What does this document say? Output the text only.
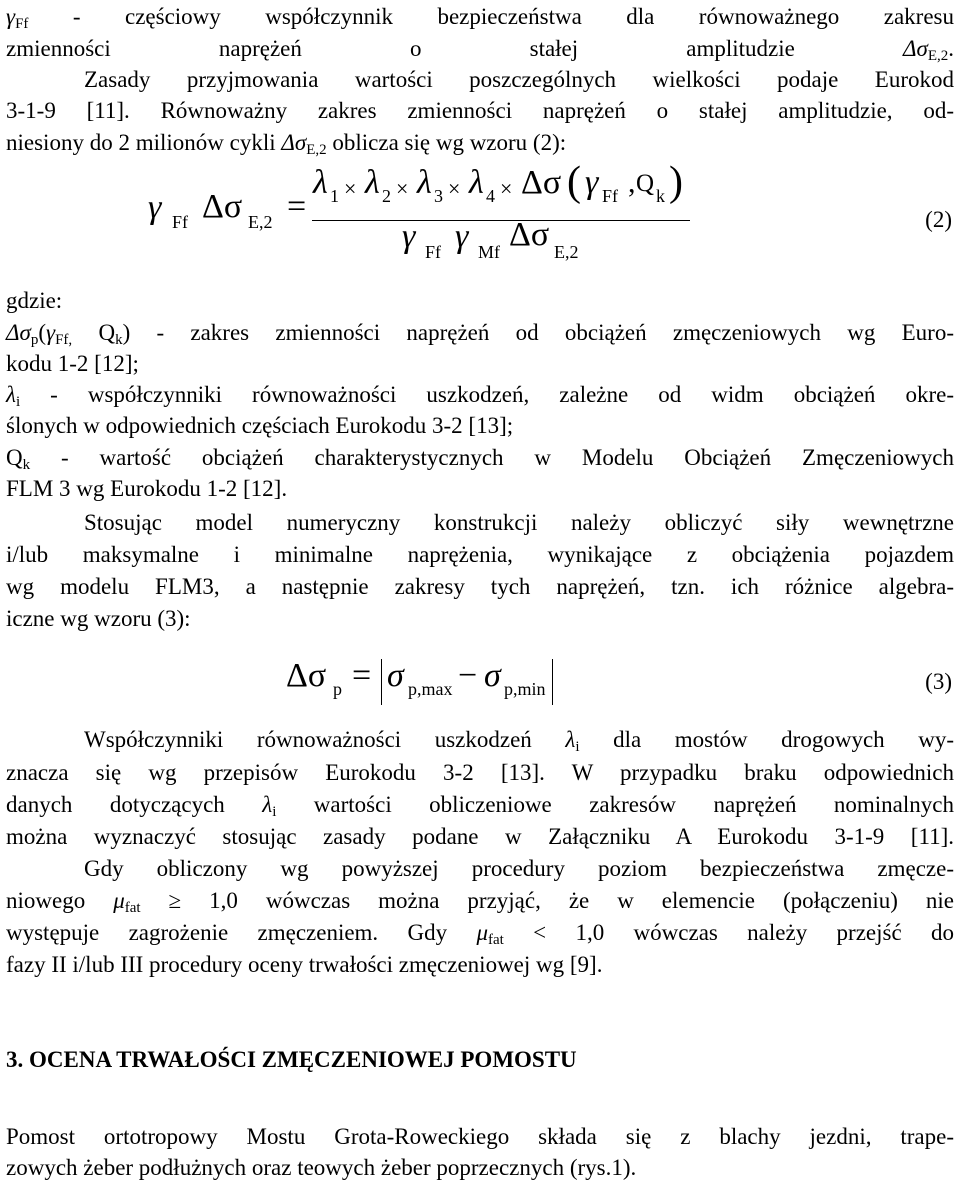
$\gamma_{Ff}$ - częściowy współczynnik bezpieczeństwa dla równoważnego zakresu
zmienności naprężeń o stałej amplitudzie $\Delta\sigma_{E,2}$.
Zasady przyjmowania wartości poszczególnych wielkości podaje Eurokod
3-1-9 [11]. Równoważny zakres zmienności naprężeń o stałej amplitudzie, od-
niesiony do 2 milionów cykli $\Delta\sigma_{E,2}$ oblicza się wg wzoru (2):
γ Ff Δσ E,2 =
λ 1 × λ 2 × λ 3 × λ 4 × Δσ ( γ Ff , Q k )
γ Ff γ Mf Δσ E,2
(2)
gdzie:
$\Delta\sigma_p(\gamma_{Ff,}$ $Q_k$) - zakres zmienności naprężeń od obciążeń zmęczeniowych wg Euro-
kodu 1-2 [12];
$\lambda_i$ - współczynniki równoważności uszkodzeń, zależne od widm obciążeń okre-
ślonych w odpowiednich częściach Eurokodu 3-2 [13];
$Q_k$ - wartość obciążeń charakterystycznych w Modelu Obciążeń Zmęczeniowych
FLM 3 wg Eurokodu 1-2 [12].
Stosując model numeryczny konstrukcji należy obliczyć siły wewnętrzne
i/lub maksymalne i minimalne naprężenia, wynikające z obciążenia pojazdem
wg modelu FLM3, a następnie zakresy tych naprężeń, tzn. ich różnice algebra-
iczne wg wzoru (3):
Δσ p = σ p,max − σ p,min	(3)
Współczynniki równoważności uszkodzeń $\lambda_i$ dla mostów drogowych wy-
znacza się wg przepisów Eurokodu 3-2 [13]. W przypadku braku odpowiednich
danych dotyczących $\lambda_i$ wartości obliczeniowe zakresów naprężeń nominalnych
można wyznaczyć stosując zasady podane w Załączniku A Eurokodu 3-1-9 [11].
Gdy obliczony wg powyższej procedury poziom bezpieczeństwa zmęcze-
niowego $\mu_{fat} \ge 1,0$ wówczas można przyjąć, że w elemencie (połączeniu) nie
występuje zagrożenie zmęczeniem. Gdy $\mu_{fat} < 1,0$ wówczas należy przejść do
fazy II i/lub III procedury oceny trwałości zmęczeniowej wg [9].
3. OCENA TRWAŁOŚCI ZMĘCZENIOWEJ POMOSTU
Pomost ortotropowy Mostu Grota-Roweckiego składa się z blachy jezdni, trape-
zowych żeber podłużnych oraz teowych żeber poprzecznych (rys.1).
